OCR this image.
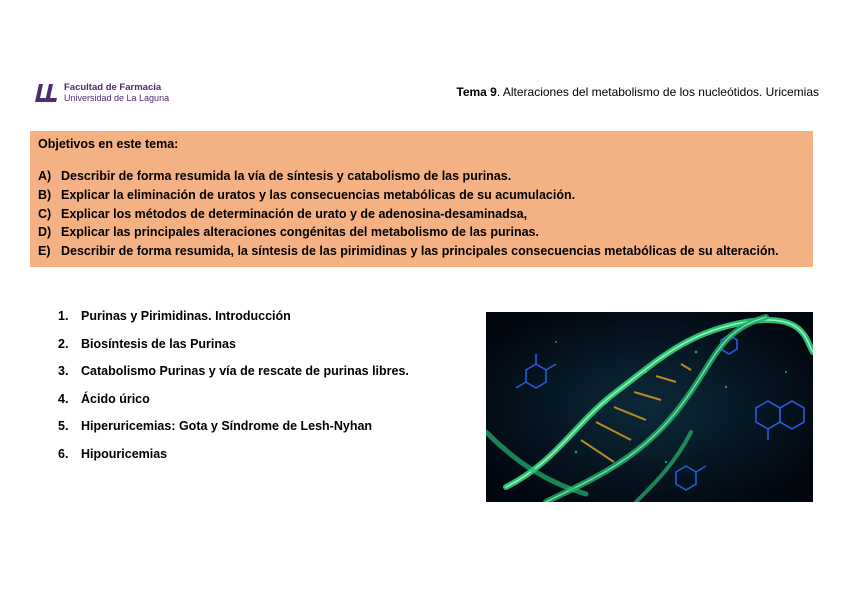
Facultad de Farmacia
Universidad de La Laguna	Tema 9. Alteraciones del metabolismo de los nucleótidos. Uricemias
Objetivos en este tema:
A) Describir de forma resumida la vía de síntesis y catabolismo de las purinas.
B) Explicar la eliminación de uratos y las consecuencias metabólicas de su acumulación.
C) Explicar los métodos de determinación de urato y de adenosina-desaminadsa,
D) Explicar las principales alteraciones congénitas del metabolismo de las purinas.
E) Describir de forma resumida, la síntesis de las pirimidinas y las principales consecuencias metabólicas de su alteración.
1.	Purinas y Pirimidinas. Introducción
2.	Biosíntesis de las Purinas
3.	Catabolismo Purinas y vía de rescate de purinas libres.
4.	Ácido úrico
5.	Hiperuricemias: Gota y Síndrome de Lesh-Nyhan
6.	Hipouricemias
